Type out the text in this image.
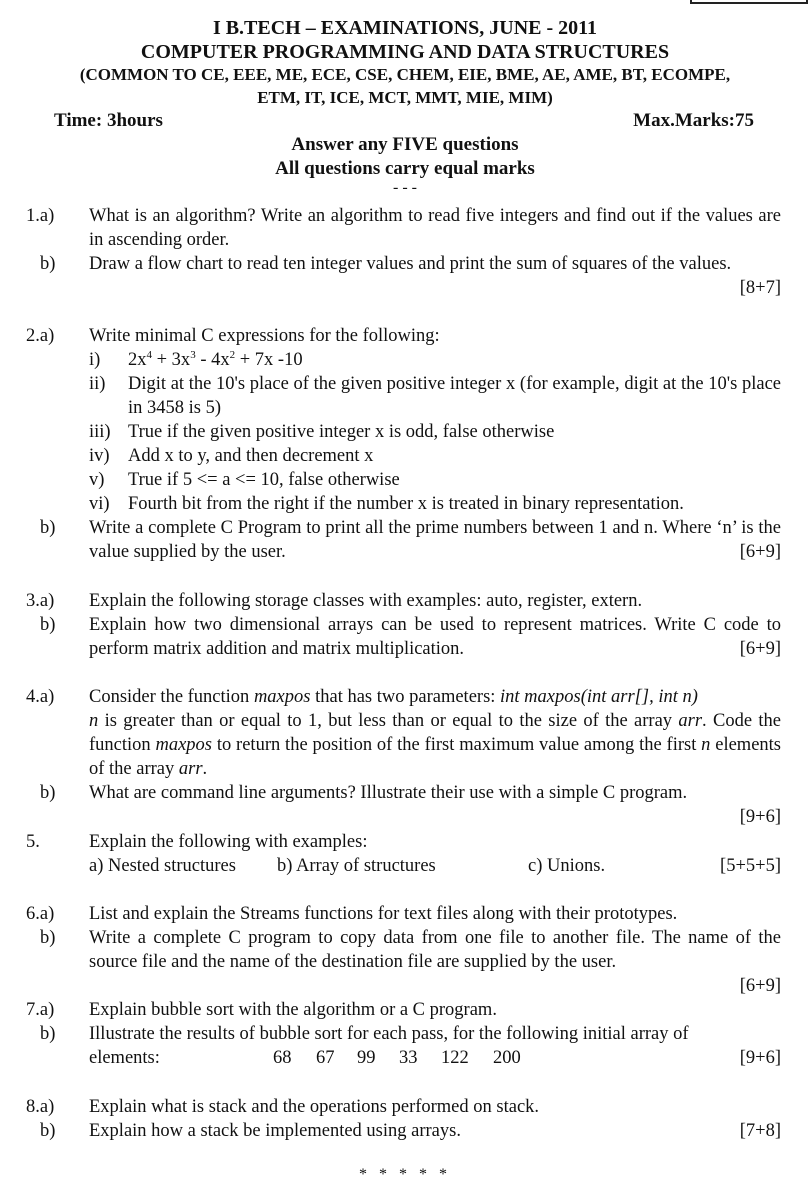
I B.TECH – EXAMINATIONS, JUNE - 2011
COMPUTER PROGRAMMING AND DATA STRUCTURES
(COMMON TO CE, EEE, ME, ECE, CSE, CHEM, EIE, BME, AE, AME, BT, ECOMPE,
ETM, IT, ICE, MCT, MMT, MIE, MIM)
Time: 3hours	Max.Marks:75
Answer any FIVE questions
All questions carry equal marks
- - -
1.a) What is an algorithm? Write an algorithm to read five integers and find out if the values are in ascending order.
b) Draw a flow chart to read ten integer values and print the sum of squares of the values.
[8+7]
2.a) Write minimal C expressions for the following:
i) $2x^4 + 3x^3 - 4x^2 + 7x$ -10
ii)	Digit at the 10's place of the given positive integer x (for example, digit at the 10's place in 3458 is 5)
iii) True if the given positive integer x is odd, false otherwise
iv) Add x to y, and then decrement x
v) True if 5 <= a <= 10, false otherwise
vi) Fourth bit from the right if the number x is treated in binary representation.
b) Write a complete C Program to print all the prime numbers between 1 and n. Where ‘n’ is the value supplied by the user.	[6+9]
3.a) Explain the following storage classes with examples: auto, register, extern.
b) Explain how two dimensional arrays can be used to represent matrices. Write C code to perform matrix addition and matrix multiplication.	[6+9]
4.a) Consider the function maxpos that has two parameters: int maxpos(int arr[], int n)
n is greater than or equal to 1, but less than or equal to the size of the array arr. Code the function maxpos to return the position of the first maximum value among the first n elements of the array arr.
b) What are command line arguments? Illustrate their use with a simple C program.
[9+6]
5.	Explain the following with examples:
a) Nested structures b) Array of structures	c) Unions.	[5+5+5]
6.a) List and explain the Streams functions for text files along with their prototypes.
b) Write a complete C program to copy data from one file to another file. The name of the source file and the name of the destination file are supplied by the user.
[6+9]
7.a) Explain bubble sort with the algorithm or a C program.
b) Illustrate the results of bubble sort for each pass, for the following initial array of
elements:	68 67 99 33 122 200	[9+6]
8.a) Explain what is stack and the operations performed on stack.
b) Explain how a stack be implemented using arrays.	[7+8]
* * * * *
